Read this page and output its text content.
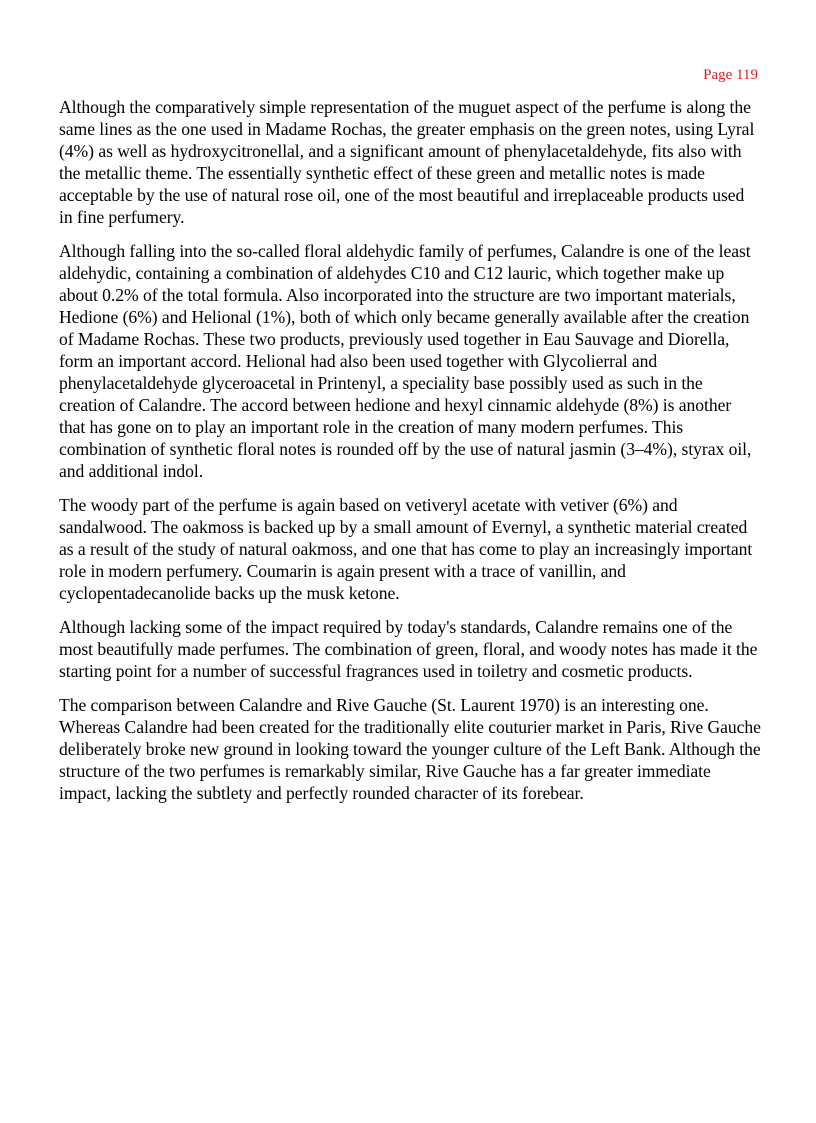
Page 119

Although the comparatively simple representation of the muguet aspect of the perfume is along the same lines as the one used in Madame Rochas, the greater emphasis on the green notes, using Lyral (4%) as well as hydroxycitronellal, and a significant amount of phenylacetaldehyde, fits also with the metallic theme. The essentially synthetic effect of these green and metallic notes is made acceptable by the use of natural rose oil, one of the most beautiful and irreplaceable products used in fine perfumery.

Although falling into the so-called floral aldehydic family of perfumes, Calandre is one of the least aldehydic, containing a combination of aldehydes C10 and C12 lauric, which together make up about 0.2% of the total formula. Also incorporated into the structure are two important materials, Hedione (6%) and Helional (1%), both of which only became generally available after the creation of Madame Rochas. These two products, previously used together in Eau Sauvage and Diorella, form an important accord. Helional had also been used together with Glycolierral and phenylacetaldehyde glyceroacetal in Printenyl, a speciality base possibly used as such in the creation of Calandre. The accord between hedione and hexyl cinnamic aldehyde (8%) is another that has gone on to play an important role in the creation of many modern perfumes. This combination of synthetic floral notes is rounded off by the use of natural jasmin (3–4%), styrax oil, and additional indol.

The woody part of the perfume is again based on vetiveryl acetate with vetiver (6%) and sandalwood. The oakmoss is backed up by a small amount of Evernyl, a synthetic material created as a result of the study of natural oakmoss, and one that has come to play an increasingly important role in modern perfumery. Coumarin is again present with a trace of vanillin, and cyclopentadecanolide backs up the musk ketone.

Although lacking some of the impact required by today's standards, Calandre remains one of the most beautifully made perfumes. The combination of green, floral, and woody notes has made it the starting point for a number of successful fragrances used in toiletry and cosmetic products.

The comparison between Calandre and Rive Gauche (St. Laurent 1970) is an interesting one. Whereas Calandre had been created for the traditionally elite couturier market in Paris, Rive Gauche deliberately broke new ground in looking toward the younger culture of the Left Bank. Although the structure of the two perfumes is remarkably similar, Rive Gauche has a far greater immediate impact, lacking the subtlety and perfectly rounded character of its forebear.
